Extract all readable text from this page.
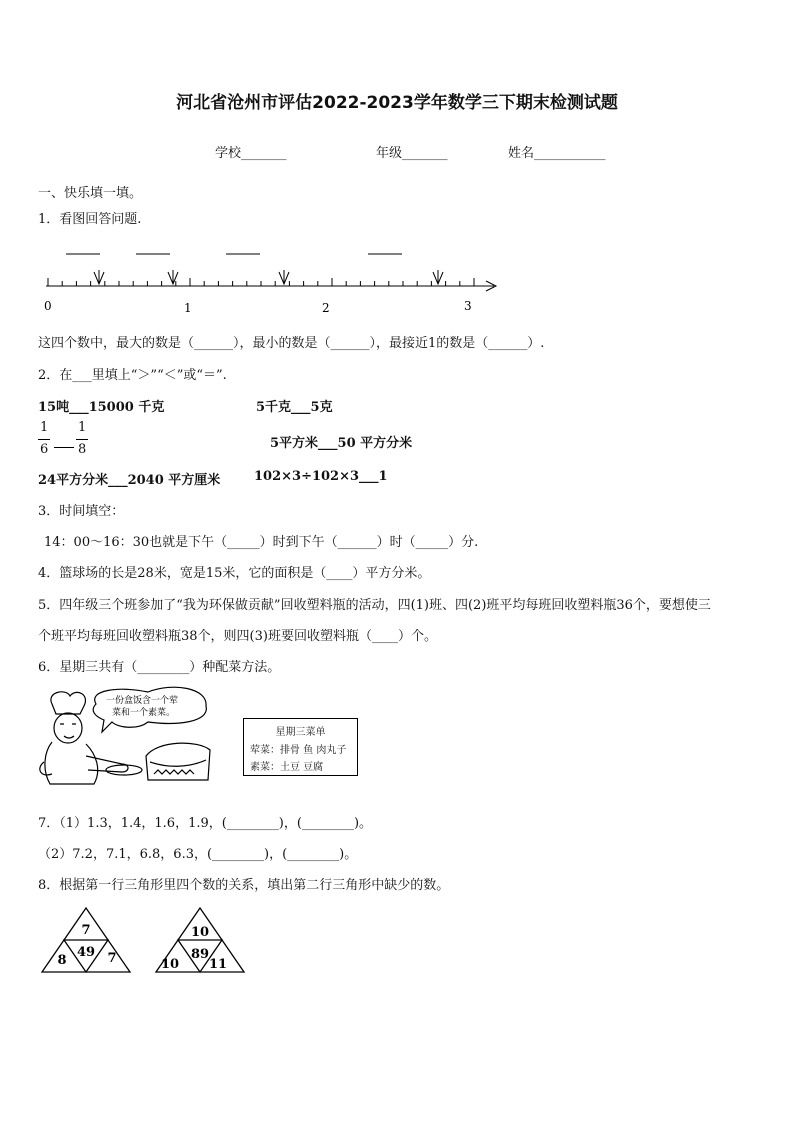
河北省沧州市评估2022-2023学年数学三下期末检测试题
学校_______	年级_______	姓名___________
一、快乐填一填。
1．看图回答问题.
0	1	2	3
这四个数中，最大的数是（______），最小的数是（______），最接近1的数是（______）.
2．在___里填上“＞”“＜”或“＝”.
15吨___15000 千克	5千克___5克
1
6
1
8	5平方米___50 平方分米
24平方分米___2040 平方厘米	102×3÷102×3___1
3．时间填空：
14：00～16：30也就是下午（_____）时到下午（______）时（_____）分.
4．篮球场的长是28米，宽是15米，它的面积是（____）平方分米。
5．四年级三个班参加了“我为环保做贡献”回收塑料瓶的活动，四(1)班、四(2)班平均每班回收塑料瓶36个，要想使三
个班平均每班回收塑料瓶38个，则四(3)班要回收塑料瓶（____）个。
6．星期三共有（________）种配菜方法。
一份盒饭含一个荤
菜和一个素菜。
星期三菜单
荤菜：排骨 鱼 肉丸子
素菜：土豆 豆腐
7．（1）1.3，1.4，1.6，1.9，(________)，(________)。
（2）7.2，7.1，6.8，6.3，(________)，(________)。
8．根据第一行三角形里四个数的关系，填出第二行三角形中缺少的数。
7
49
8	7
10
89
10 11
